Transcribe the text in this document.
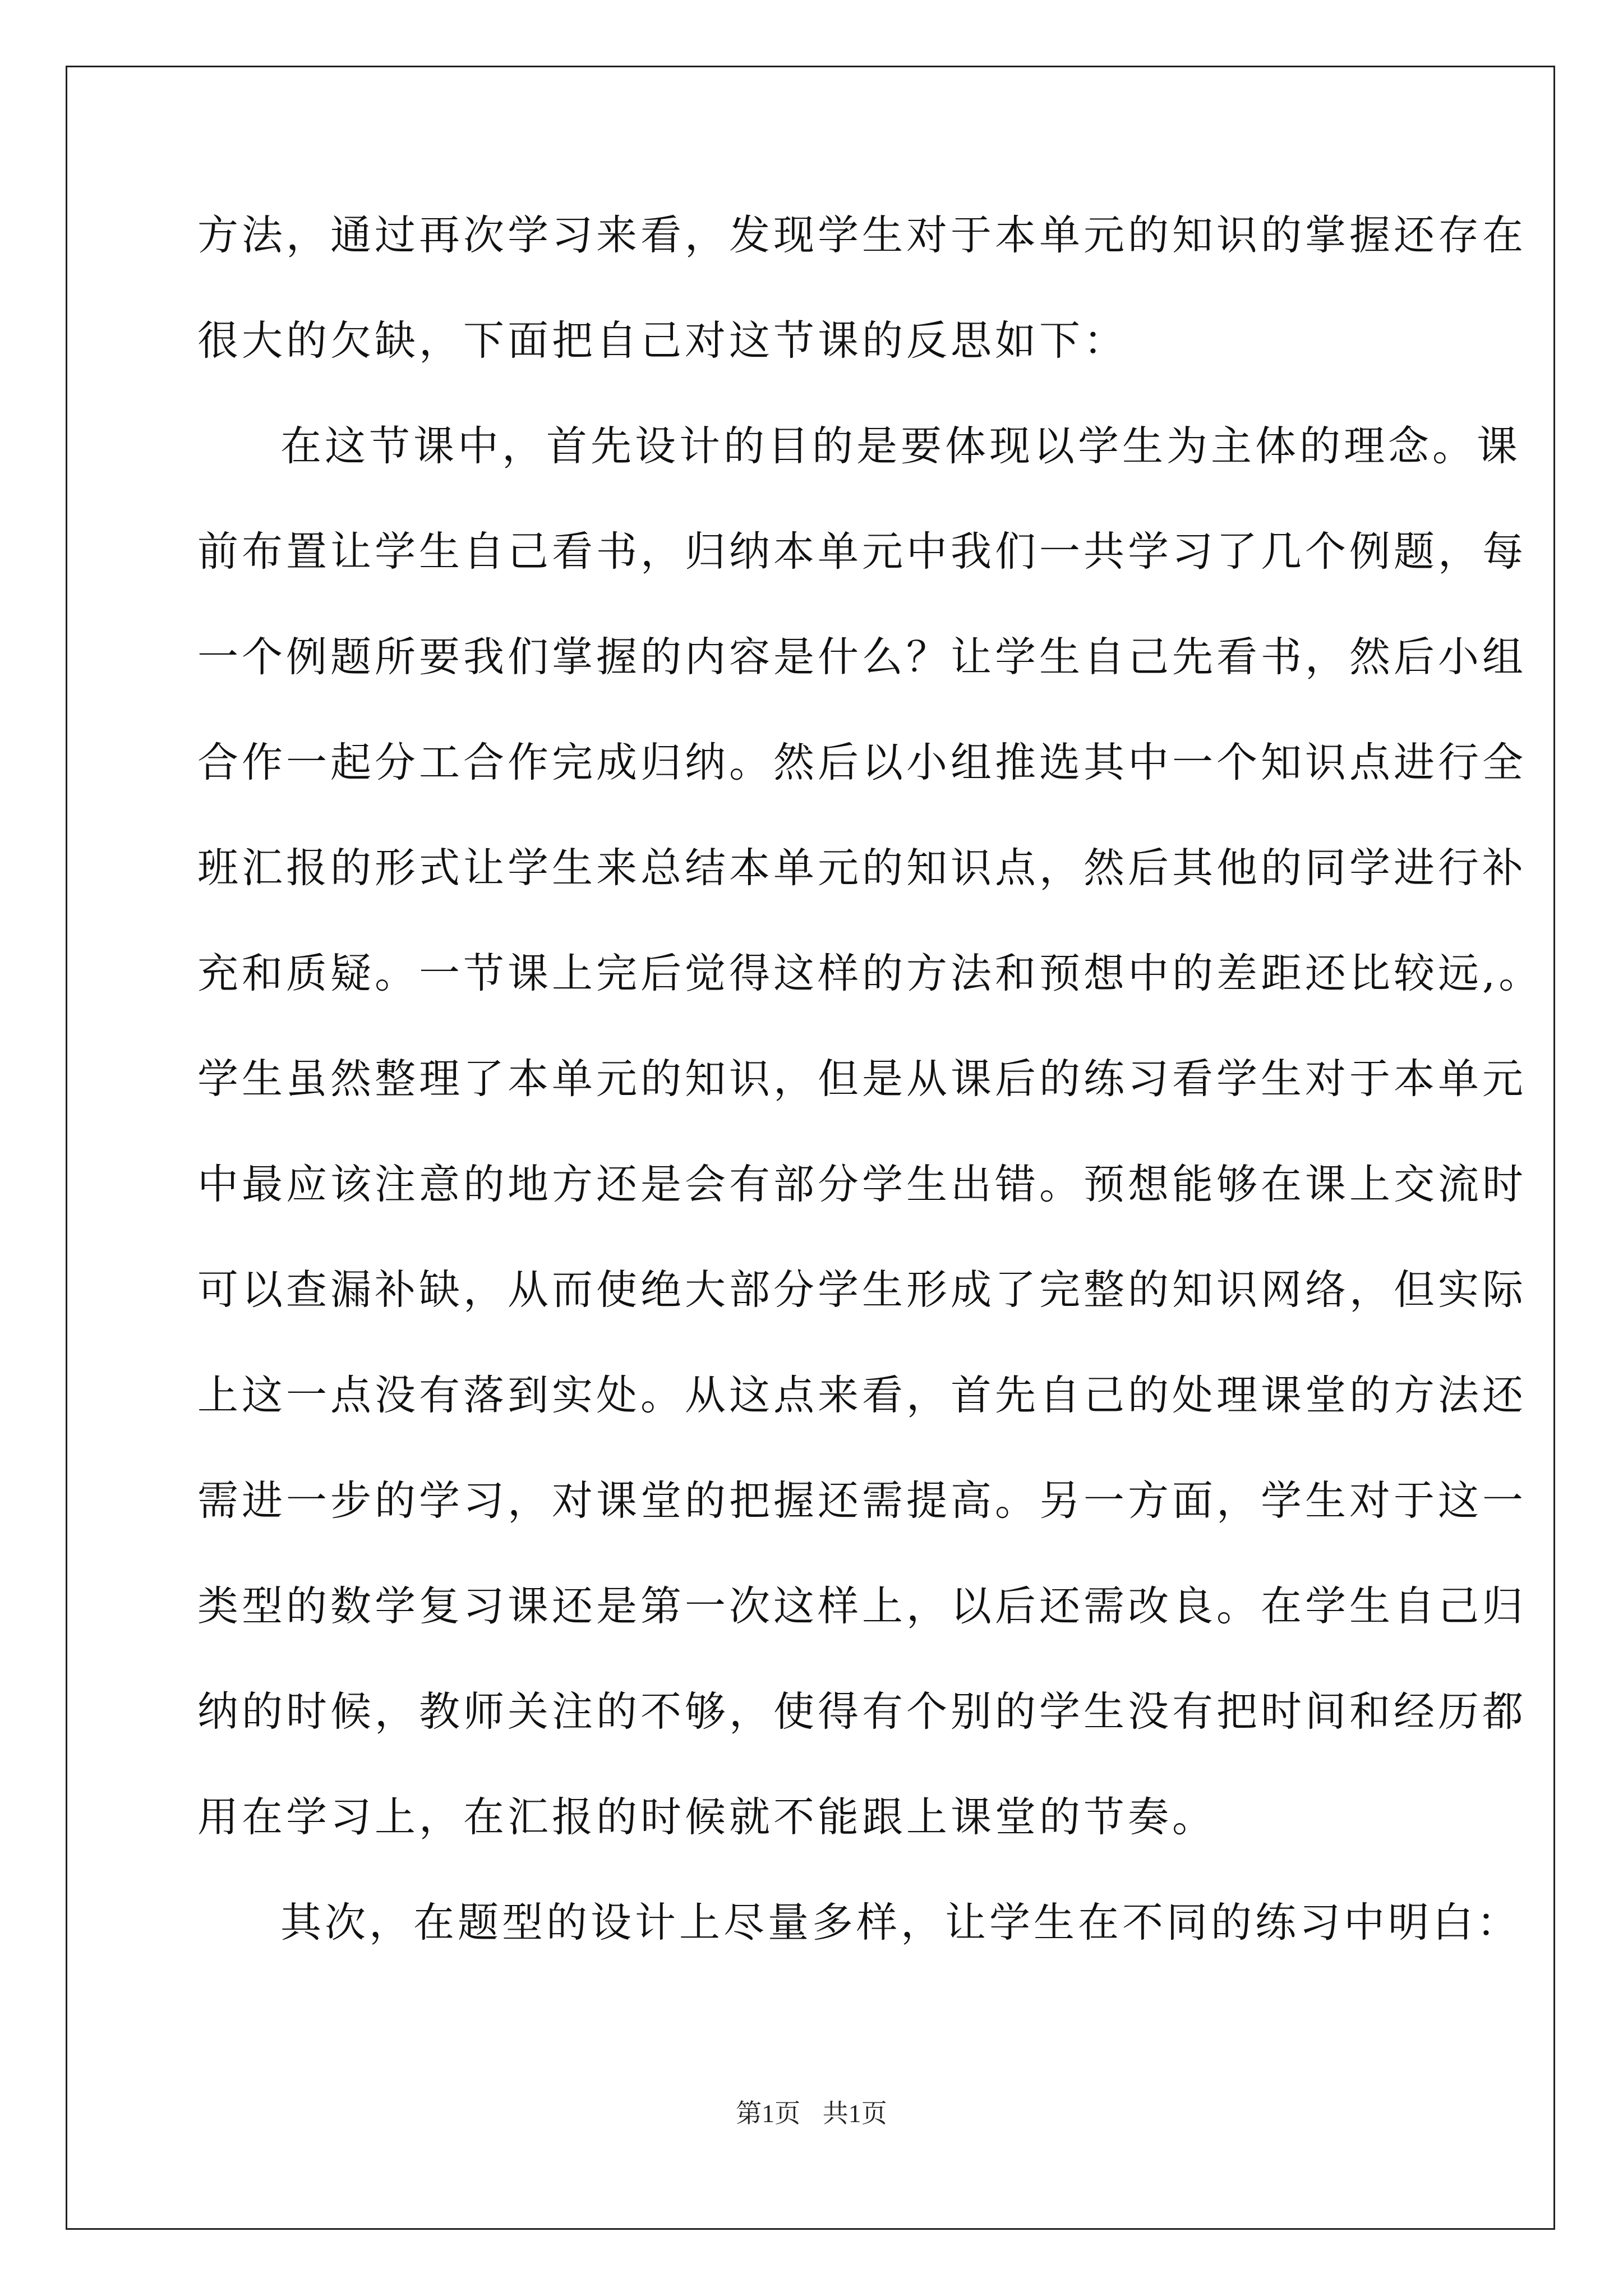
方法，通过再次学习来看，发现学生对于本单元的知识的掌握还存在
很大的欠缺，下面把自己对这节课的反思如下：
在这节课中，首先设计的目的是要体现以学生为主体的理念。课
前布置让学生自己看书，归纳本单元中我们一共学习了几个例题，每
一个例题所要我们掌握的内容是什么？让学生自己先看书，然后小组
合作一起分工合作完成归纳。然后以小组推选其中一个知识点进行全
班汇报的形式让学生来总结本单元的知识点，然后其他的同学进行补
充和质疑。一节课上完后觉得这样的方法和预想中的差距还比较远,。
学生虽然整理了本单元的知识，但是从课后的练习看学生对于本单元
中最应该注意的地方还是会有部分学生出错。预想能够在课上交流时
可以查漏补缺，从而使绝大部分学生形成了完整的知识网络，但实际
上这一点没有落到实处。从这点来看，首先自己的处理课堂的方法还
需进一步的学习，对课堂的把握还需提高。另一方面，学生对于这一
类型的数学复习课还是第一次这样上，以后还需改良。在学生自己归
纳的时候，教师关注的不够，使得有个别的学生没有把时间和经历都
用在学习上，在汇报的时候就不能跟上课堂的节奏。
其次，在题型的设计上尽量多样，让学生在不同的练习中明白：
第1页 共1页
